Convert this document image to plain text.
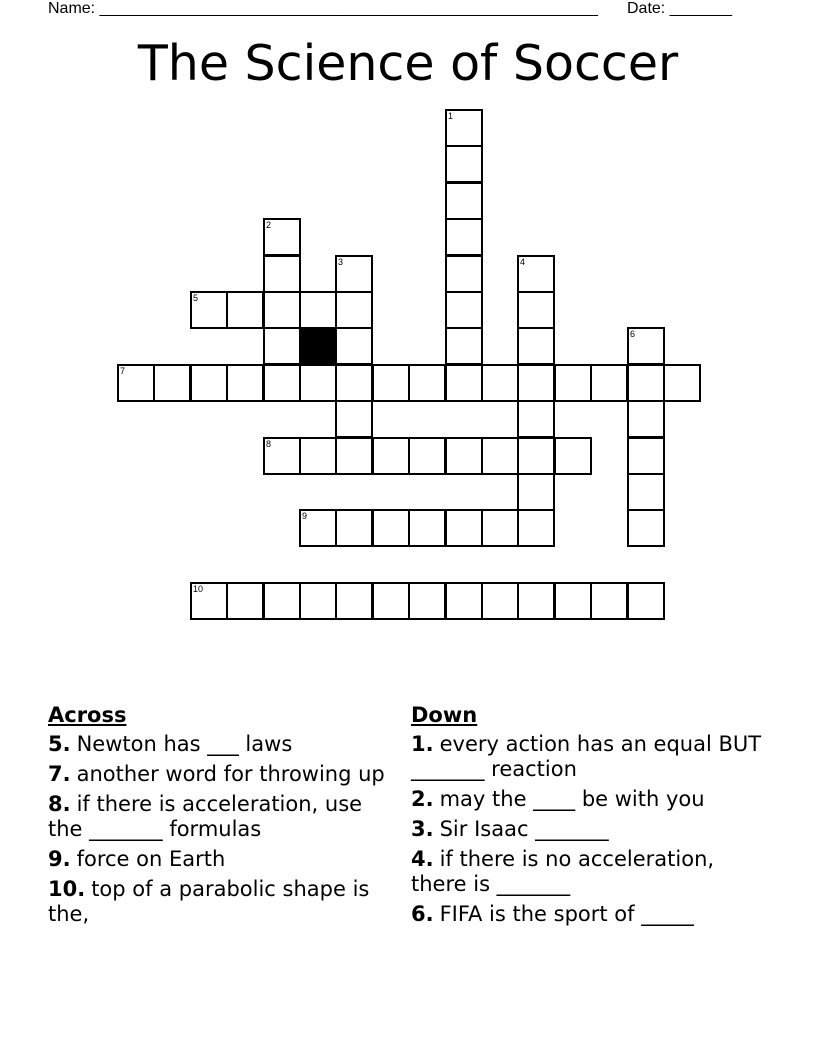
Name: ________________________________________________________ Date: _______
The Science of Soccer
1
2
3	4
5
6
7
8
9
10
Across
5. Newton has ___ laws
7. another word for throwing up
8. if there is acceleration, use the _______ formulas
9. force on Earth
10. top of a parabolic shape is the,
Down
1. every action has an equal BUT _______ reaction
2. may the ____ be with you
3. Sir Isaac _______
4. if there is no acceleration, there is _______
6. FIFA is the sport of _____
